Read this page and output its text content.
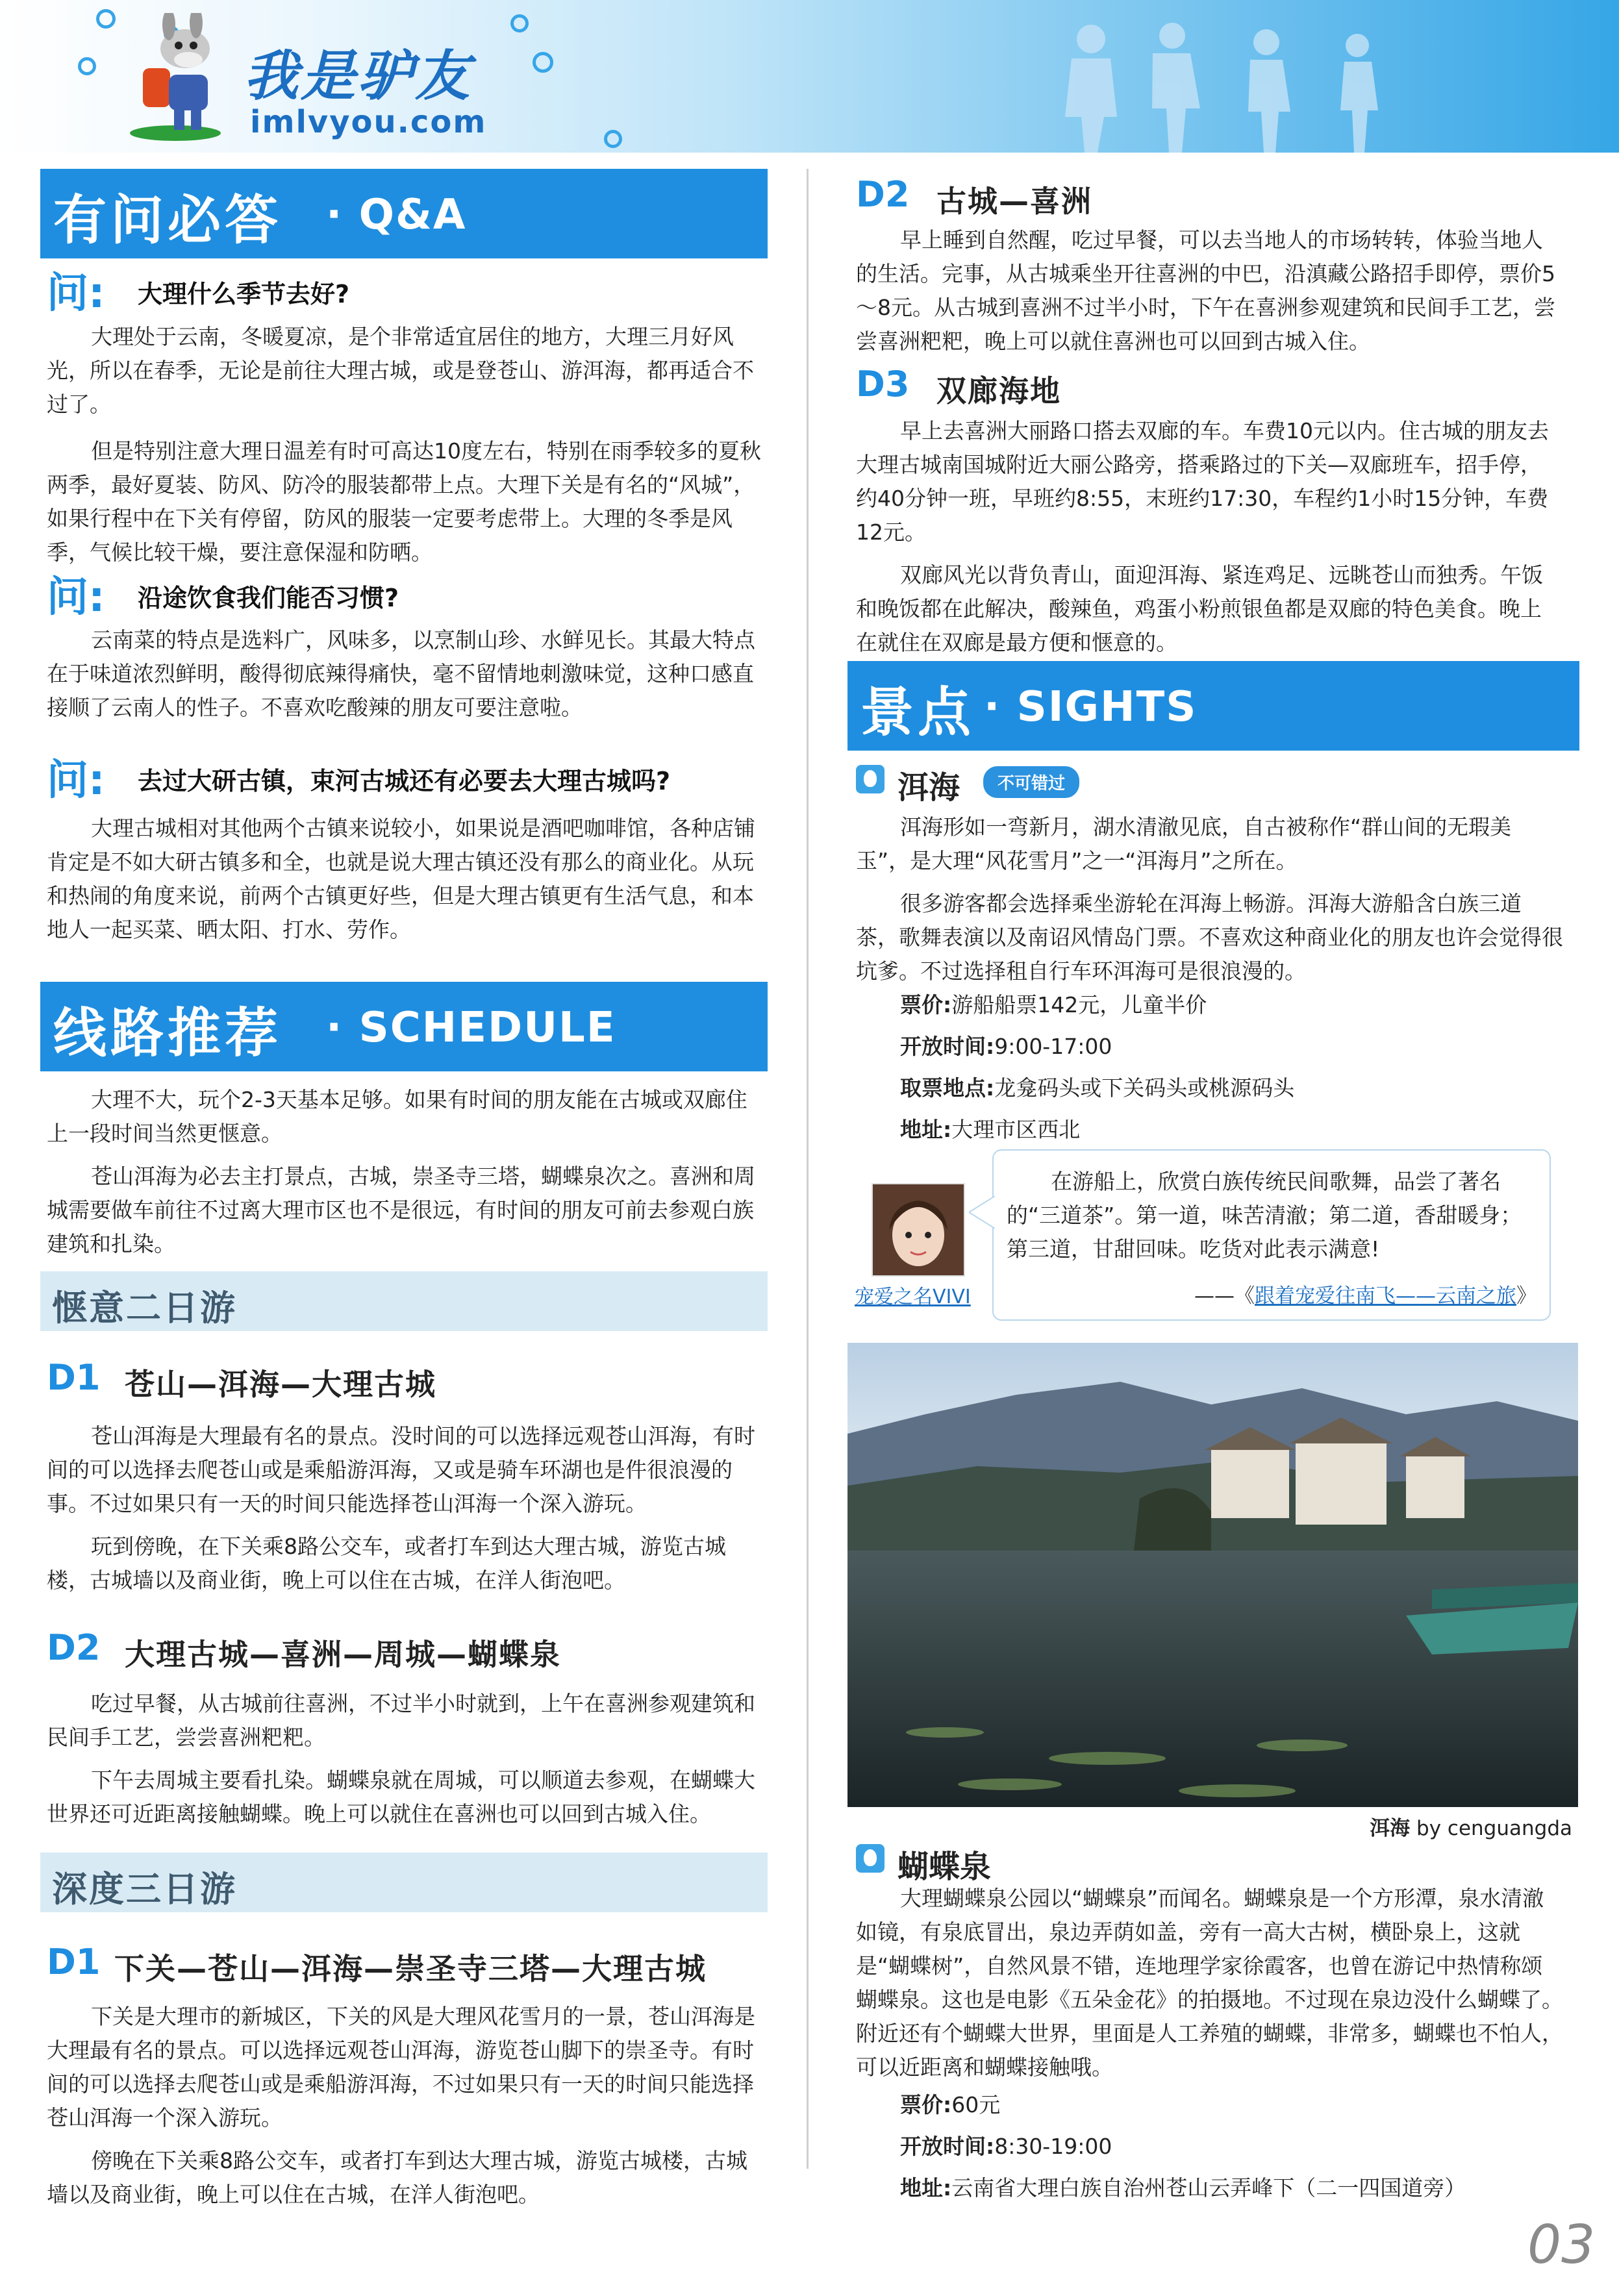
我是驴友
imlvyou.com
有问必答 · Q&A
问: 大理什么季节去好?

大理处于云南，冬暖夏凉，是个非常适宜居住的地方，大理三月好风光，所以在春季，无论是前往大理古城，或是登苍山、游洱海，都再适合不过了。

但是特别注意大理日温差有时可高达10度左右，特别在雨季较多的夏秋两季，最好夏装、防风、防冷的服装都带上点。大理下关是有名的“风城”，如果行程中在下关有停留，防风的服装一定要考虑带上。大理的冬季是风季，气候比较干燥，要注意保湿和防晒。

问: 沿途饮食我们能否习惯?

云南菜的特点是选料广，风味多，以烹制山珍、水鲜见长。其最大特点在于味道浓烈鲜明，酸得彻底辣得痛快，毫不留情地刺激味觉，这种口感直接顺了云南人的性子。不喜欢吃酸辣的朋友可要注意啦。

问: 去过大研古镇，束河古城还有必要去大理古城吗?

大理古城相对其他两个古镇来说较小，如果说是酒吧咖啡馆，各种店铺肯定是不如大研古镇多和全，也就是说大理古镇还没有那么的商业化。从玩和热闹的角度来说，前两个古镇更好些，但是大理古镇更有生活气息，和本地人一起买菜、晒太阳、打水、劳作。

线路推荐 · SCHEDULE

大理不大，玩个2-3天基本足够。如果有时间的朋友能在古城或双廊住上一段时间当然更惬意。

苍山洱海为必去主打景点，古城，崇圣寺三塔，蝴蝶泉次之。喜洲和周城需要做车前往不过离大理市区也不是很远，有时间的朋友可前去参观白族建筑和扎染。

惬意二日游
D1 苍山—洱海—大理古城

苍山洱海是大理最有名的景点。没时间的可以选择远观苍山洱海，有时间的可以选择去爬苍山或是乘船游洱海，又或是骑车环湖也是件很浪漫的事。不过如果只有一天的时间只能选择苍山洱海一个深入游玩。

玩到傍晚，在下关乘8路公交车，或者打车到达大理古城，游览古城楼，古城墙以及商业街，晚上可以住在古城，在洋人街泡吧。

D2 大理古城—喜洲—周城—蝴蝶泉

吃过早餐，从古城前往喜洲，不过半小时就到，上午在喜洲参观建筑和民间手工艺，尝尝喜洲粑粑。

下午去周城主要看扎染。蝴蝶泉就在周城，可以顺道去参观，在蝴蝶大世界还可近距离接触蝴蝶。晚上可以就住在喜洲也可以回到古城入住。

深度三日游
D1 下关—苍山—洱海—崇圣寺三塔—大理古城

下关是大理市的新城区，下关的风是大理风花雪月的一景，苍山洱海是大理最有名的景点。可以选择远观苍山洱海，游览苍山脚下的崇圣寺。有时间的可以选择去爬苍山或是乘船游洱海，不过如果只有一天的时间只能选择苍山洱海一个深入游玩。

傍晚在下关乘8路公交车，或者打车到达大理古城，游览古城楼，古城墙以及商业街，晚上可以住在古城，在洋人街泡吧。

D2 古城—喜洲

早上睡到自然醒，吃过早餐，可以去当地人的市场转转，体验当地人的生活。完事，从古城乘坐开往喜洲的中巴，沿滇藏公路招手即停，票价5～8元。从古城到喜洲不过半小时，下午在喜洲参观建筑和民间手工艺，尝尝喜洲粑粑，晚上可以就住喜洲也可以回到古城入住。

D3 双廊海地

早上去喜洲大丽路口搭去双廊的车。车费10元以内。住古城的朋友去大理古城南国城附近大丽公路旁，搭乘路过的下关—双廊班车，招手停，约40分钟一班，早班约8:55，末班约17:30，车程约1小时15分钟，车费12元。

双廊风光以背负青山，面迎洱海、紧连鸡足、远眺苍山而独秀。午饭和晚饭都在此解决，酸辣鱼，鸡蛋小粉煎银鱼都是双廊的特色美食。晚上在就住在双廊是最方便和惬意的。

景点 · SIGHTS
洱海	不可错过

洱海形如一弯新月，湖水清澈见底，自古被称作“群山间的无瑕美玉”，是大理“风花雪月”之一“洱海月”之所在。

很多游客都会选择乘坐游轮在洱海上畅游。洱海大游船含白族三道茶，歌舞表演以及南诏风情岛门票。不喜欢这种商业化的朋友也许会觉得很坑爹。不过选择租自行车环洱海可是很浪漫的。

票价:游船船票142元，儿童半价
开放时间:9:00-17:00
取票地点:龙龛码头或下关码头或桃源码头
地址:大理市区西北
宠爱之名VIVI

在游船上，欣赏白族传统民间歌舞，品尝了著名的“三道茶”。第一道，味苦清澈；第二道，香甜暖身；第三道，甘甜回味。吃货对此表示满意!

——《跟着宠爱往南飞——云南之旅》
洱海 by cenguangda
蝴蝶泉

大理蝴蝶泉公园以“蝴蝶泉”而闻名。蝴蝶泉是一个方形潭，泉水清澈如镜，有泉底冒出，泉边弄荫如盖，旁有一高大古树，横卧泉上，这就是“蝴蝶树”，自然风景不错，连地理学家徐霞客，也曾在游记中热情称颂蝴蝶泉。这也是电影《五朵金花》的拍摄地。不过现在泉边没什么蝴蝶了。附近还有个蝴蝶大世界，里面是人工养殖的蝴蝶，非常多，蝴蝶也不怕人，可以近距离和蝴蝶接触哦。

票价:60元
开放时间:8:30-19:00
地址:云南省大理白族自治州苍山云弄峰下（二一四国道旁）
03
